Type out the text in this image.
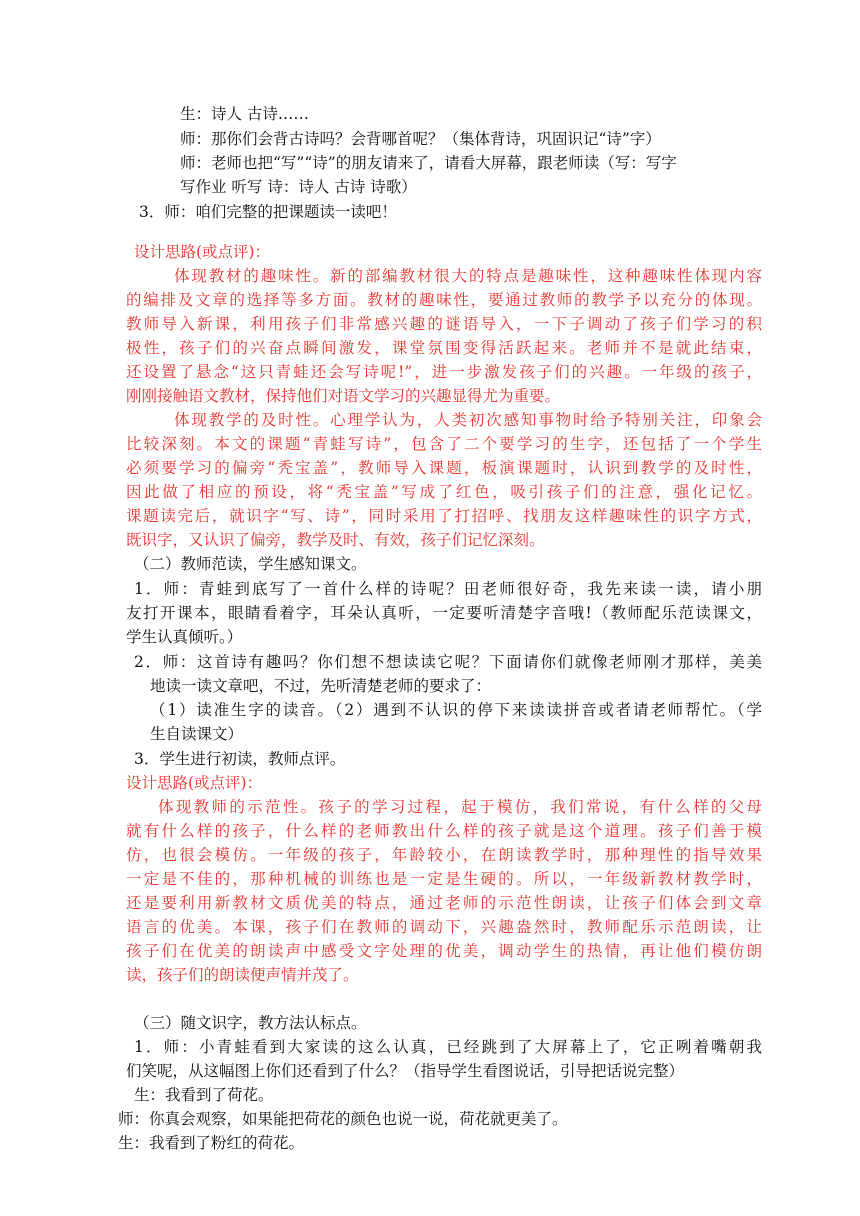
生：诗人 古诗……
师：那你们会背古诗吗？会背哪首呢？（集体背诗，巩固识记“诗”字）
师：老师也把“写”“诗”的朋友请来了，请看大屏幕，跟老师读（写：写字
写作业 听写 诗：诗人 古诗 诗歌）
3．师：咱们完整的把课题读一读吧！
设计思路(或点评)：
体现教材的趣味性。新的部编教材很大的特点是趣味性，这种趣味性体现内容
的编排及文章的选择等多方面。教材的趣味性，要通过教师的教学予以充分的体现。
教师导入新课，利用孩子们非常感兴趣的谜语导入，一下子调动了孩子们学习的积
极性，孩子们的兴奋点瞬间激发，课堂氛围变得活跃起来。老师并不是就此结束，
还设置了悬念“这只青蛙还会写诗呢!”，进一步激发孩子们的兴趣。一年级的孩子，
刚刚接触语文教材，保持他们对语文学习的兴趣显得尤为重要。
体现教学的及时性。心理学认为，人类初次感知事物时给予特别关注，印象会
比较深刻。本文的课题“青蛙写诗”，包含了二个要学习的生字，还包括了一个学生
必须要学习的偏旁“秃宝盖”，教师导入课题，板演课题时，认识到教学的及时性，
因此做了相应的预设，将“秃宝盖”写成了红色，吸引孩子们的注意，强化记忆。
课题读完后，就识字“写、诗”，同时采用了打招呼、找朋友这样趣味性的识字方式，
既识字，又认识了偏旁，教学及时、有效，孩子们记忆深刻。
（二）教师范读，学生感知课文。
1．师：青蛙到底写了一首什么样的诗呢？田老师很好奇，我先来读一读，请小朋
友打开课本，眼睛看着字，耳朵认真听，一定要听清楚字音哦!（教师配乐范读课文，
学生认真倾听。）
2．师：这首诗有趣吗？你们想不想读读它呢？下面请你们就像老师刚才那样，美美
地读一读文章吧，不过，先听清楚老师的要求了：
（1）读准生字的读音。（2）遇到不认识的停下来读读拼音或者请老师帮忙。（学
生自读课文）
3．学生进行初读，教师点评。
设计思路(或点评)：
体现教师的示范性。孩子的学习过程，起于模仿，我们常说，有什么样的父母
就有什么样的孩子，什么样的老师教出什么样的孩子就是这个道理。孩子们善于模
仿，也很会模仿。一年级的孩子，年龄较小，在朗读教学时，那种理性的指导效果
一定是不佳的，那种机械的训练也是一定是生硬的。所以，一年级新教材教学时，
还是要利用新教材文质优美的特点，通过老师的示范性朗读，让孩子们体会到文章
语言的优美。本课，孩子们在教师的调动下，兴趣盎然时，教师配乐示范朗读，让
孩子们在优美的朗读声中感受文字处理的优美，调动学生的热情，再让他们模仿朗
读，孩子们的朗读便声情并茂了。
（三）随文识字，教方法认标点。
1．师：小青蛙看到大家读的这么认真，已经跳到了大屏幕上了，它正咧着嘴朝我
们笑呢，从这幅图上你们还看到了什么？（指导学生看图说话，引导把话说完整）
生：我看到了荷花。
师：你真会观察，如果能把荷花的颜色也说一说，荷花就更美了。
生：我看到了粉红的荷花。
